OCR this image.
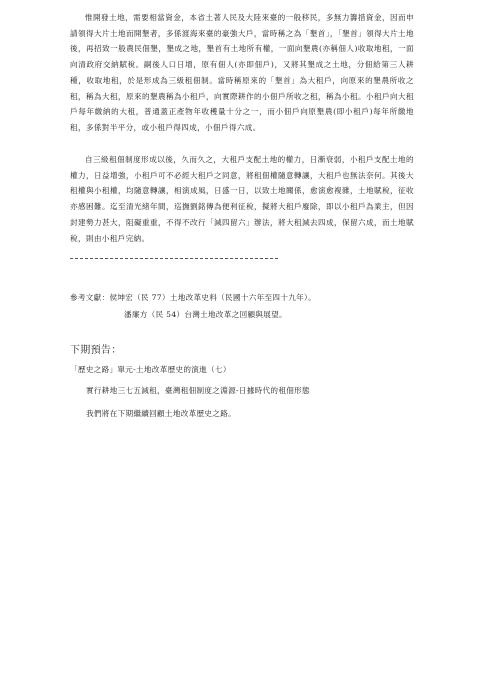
惟開發土地，需要相當資金，本省土著人民及大陸來臺的一般移民，多無力籌措資金，因而申請領得大片土地而開墾者，多係渡海來臺的豪強大戶，當時稱之為「墾首」，「墾首」領得大片土地後，再招致一般農民佃墾，墾成之地，墾首有土地所有權，一面向墾農(亦稱佃人)收取地租，一面向清政府交納賦稅。嗣後人口日增，原有佃人(亦即佃戶)，又將其墾成之土地，分佃給第三人耕種，收取地租，於是形成為三級租佃制。當時稱原來的「墾首」為大租戶，向原來的墾農所收之租，稱為大租，原來的墾農稱為小租戶，向實際耕作的小佃戶所收之租，稱為小租。小租戶向大租戶每年繳納的大租，普通蓋正產物年收穫量十分之一，而小佃戶向原墾農(即小租戶)每年所繳地租，多係對半平分，或小租戶得四成，小佃戶得六成。

自三級租佃制度形成以後，久而久之，大租戶支配土地的權力，日漸衰弱，小租戶支配土地的權力，日益增強，小租戶可不必經大租戶之同意，將租佃權隨意轉讓，大租戶也無法奈何。其後大租權與小租權，均隨意轉讓，相演成風，日盛一日，以致土地關係，愈演愈複雜，土地賦稅，征收亦感困難。迄至清光緒年間，巡撫劉銘傳為便利征稅，擬將大租戶廢除，即以小租戶為業主，但因封建勢力甚大，阻礙重重，不得不改行「減四留六」辦法，將大租減去四成，保留六成，而土地賦稅，則由小租戶完納。

參考文獻：侯坤宏（民 77）土地改革史料（民國十六年至四十九年）。
潘廉方（民 54）台灣土地改革之回顧與展望。
下期預告：
「歷史之路」單元-土地改革歷史的演進（七）
實行耕地三七五減租，臺灣租佃制度之淵源-日據時代的租佃形態
我們將在下期繼續回顧土地改革歷史之路。
